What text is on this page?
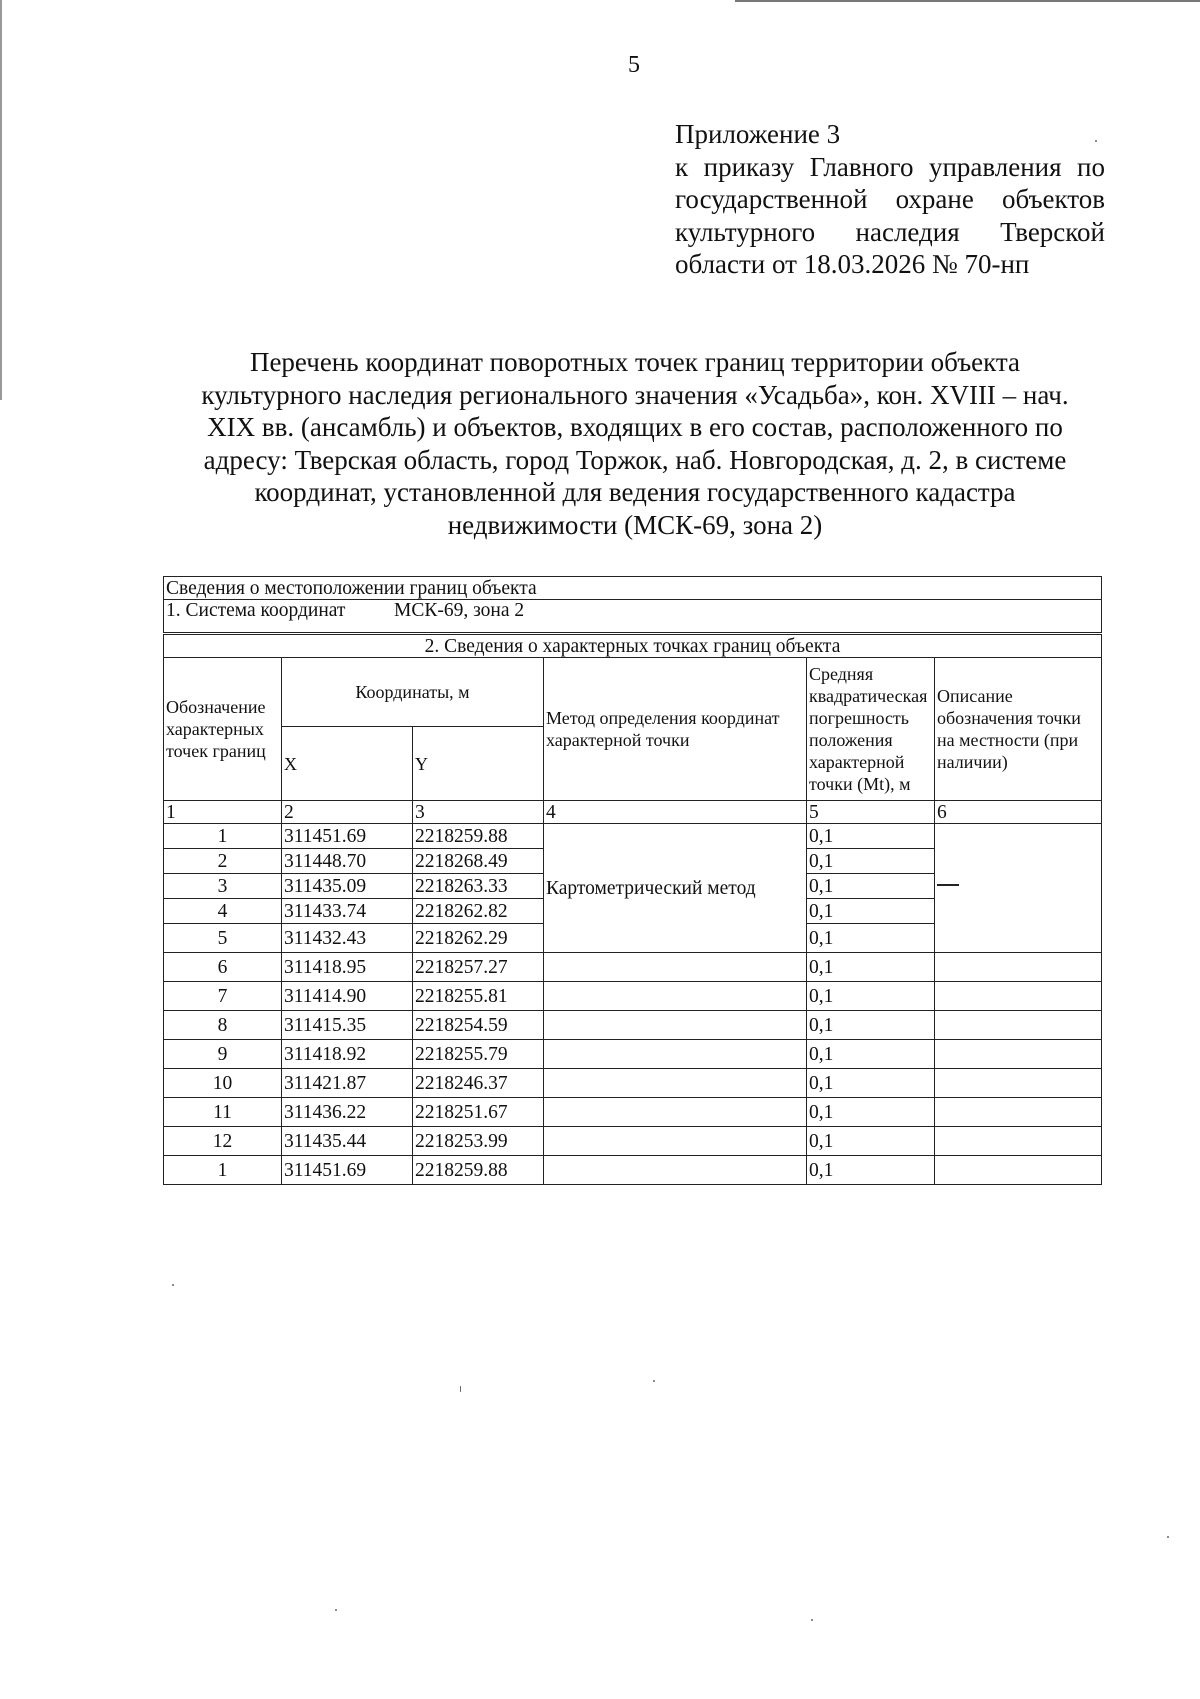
5
Приложение 3
к приказу Главного управления по
государственной охране объектов
культурного наследия Тверской
области от 18.03.2026 № 70-нп
Перечень координат поворотных точек границ территории объекта
культурного наследия регионального значения «Усадьба», кон. XVIII – нач.
XIX вв. (ансамбль) и объектов, входящих в его состав, расположенного по
адресу: Тверская область, город Торжок, наб. Новгородская, д. 2, в системе
координат, установленной для ведения государственного кадастра
недвижимости (МСК-69, зона 2)
Сведения о местоположении границ объекта					
1. Система координат МСК-69, зона 2					
2. Сведения о характерных точках границ объекта					
Обозначение характерных точек границ	Координаты, м		Метод определения координат характерной точки	Средняя квадратическая погрешность положения характерной точки (Mt), м	Описание обозначения точки на местности (при наличии)
	X	Y			
1	2	3	4	5	6
1	311451.69	2218259.88	Картометрический метод	0,1	
2	311448.70	2218268.49		0,1	
3	311435.09	2218263.33		0,1	
4	311433.74	2218262.82		0,1	
5	311432.43	2218262.29		0,1	
6	311418.95	2218257.27		0,1	
7	311414.90	2218255.81		0,1	
8	311415.35	2218254.59		0,1	
9	311418.92	2218255.79		0,1	
10	311421.87	2218246.37		0,1	
11	311436.22	2218251.67		0,1	
12	311435.44	2218253.99		0,1	
1	311451.69	2218259.88		0,1	
